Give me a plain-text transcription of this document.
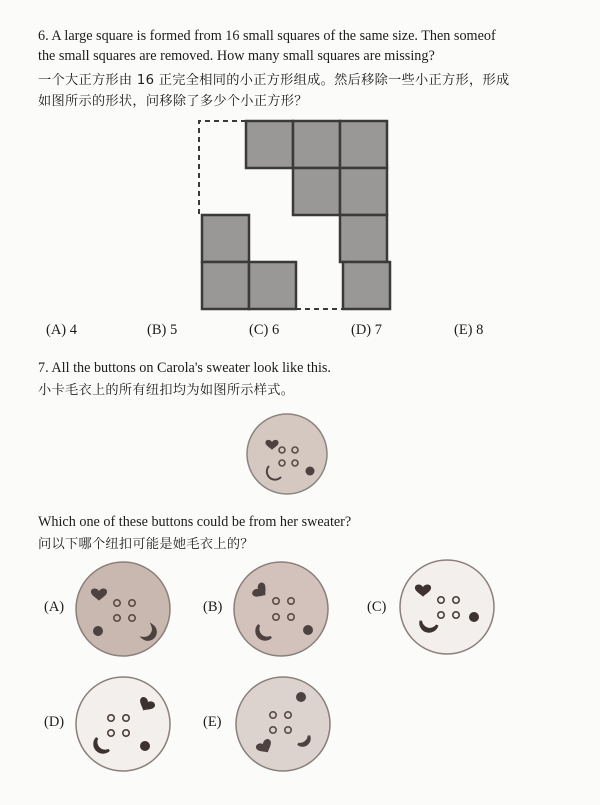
6. A large square is formed from 16 small squares of the same size. Then someof
the small squares are removed. How many small squares are missing?
一个大正方形由 16 正完全相同的小正方形组成。然后移除一些小正方形，形成
如图所示的形状，问移除了多少个小正方形？
(A) 4	(B) 5	(C) 6	(D) 7	(E) 8
7. All the buttons on Carola's sweater look like this.
小卡毛衣上的所有纽扣均为如图所示样式。
Which one of these buttons could be from her sweater?
问以下哪个纽扣可能是她毛衣上的？
(A)	(B)	(C)
(D)	(E)
